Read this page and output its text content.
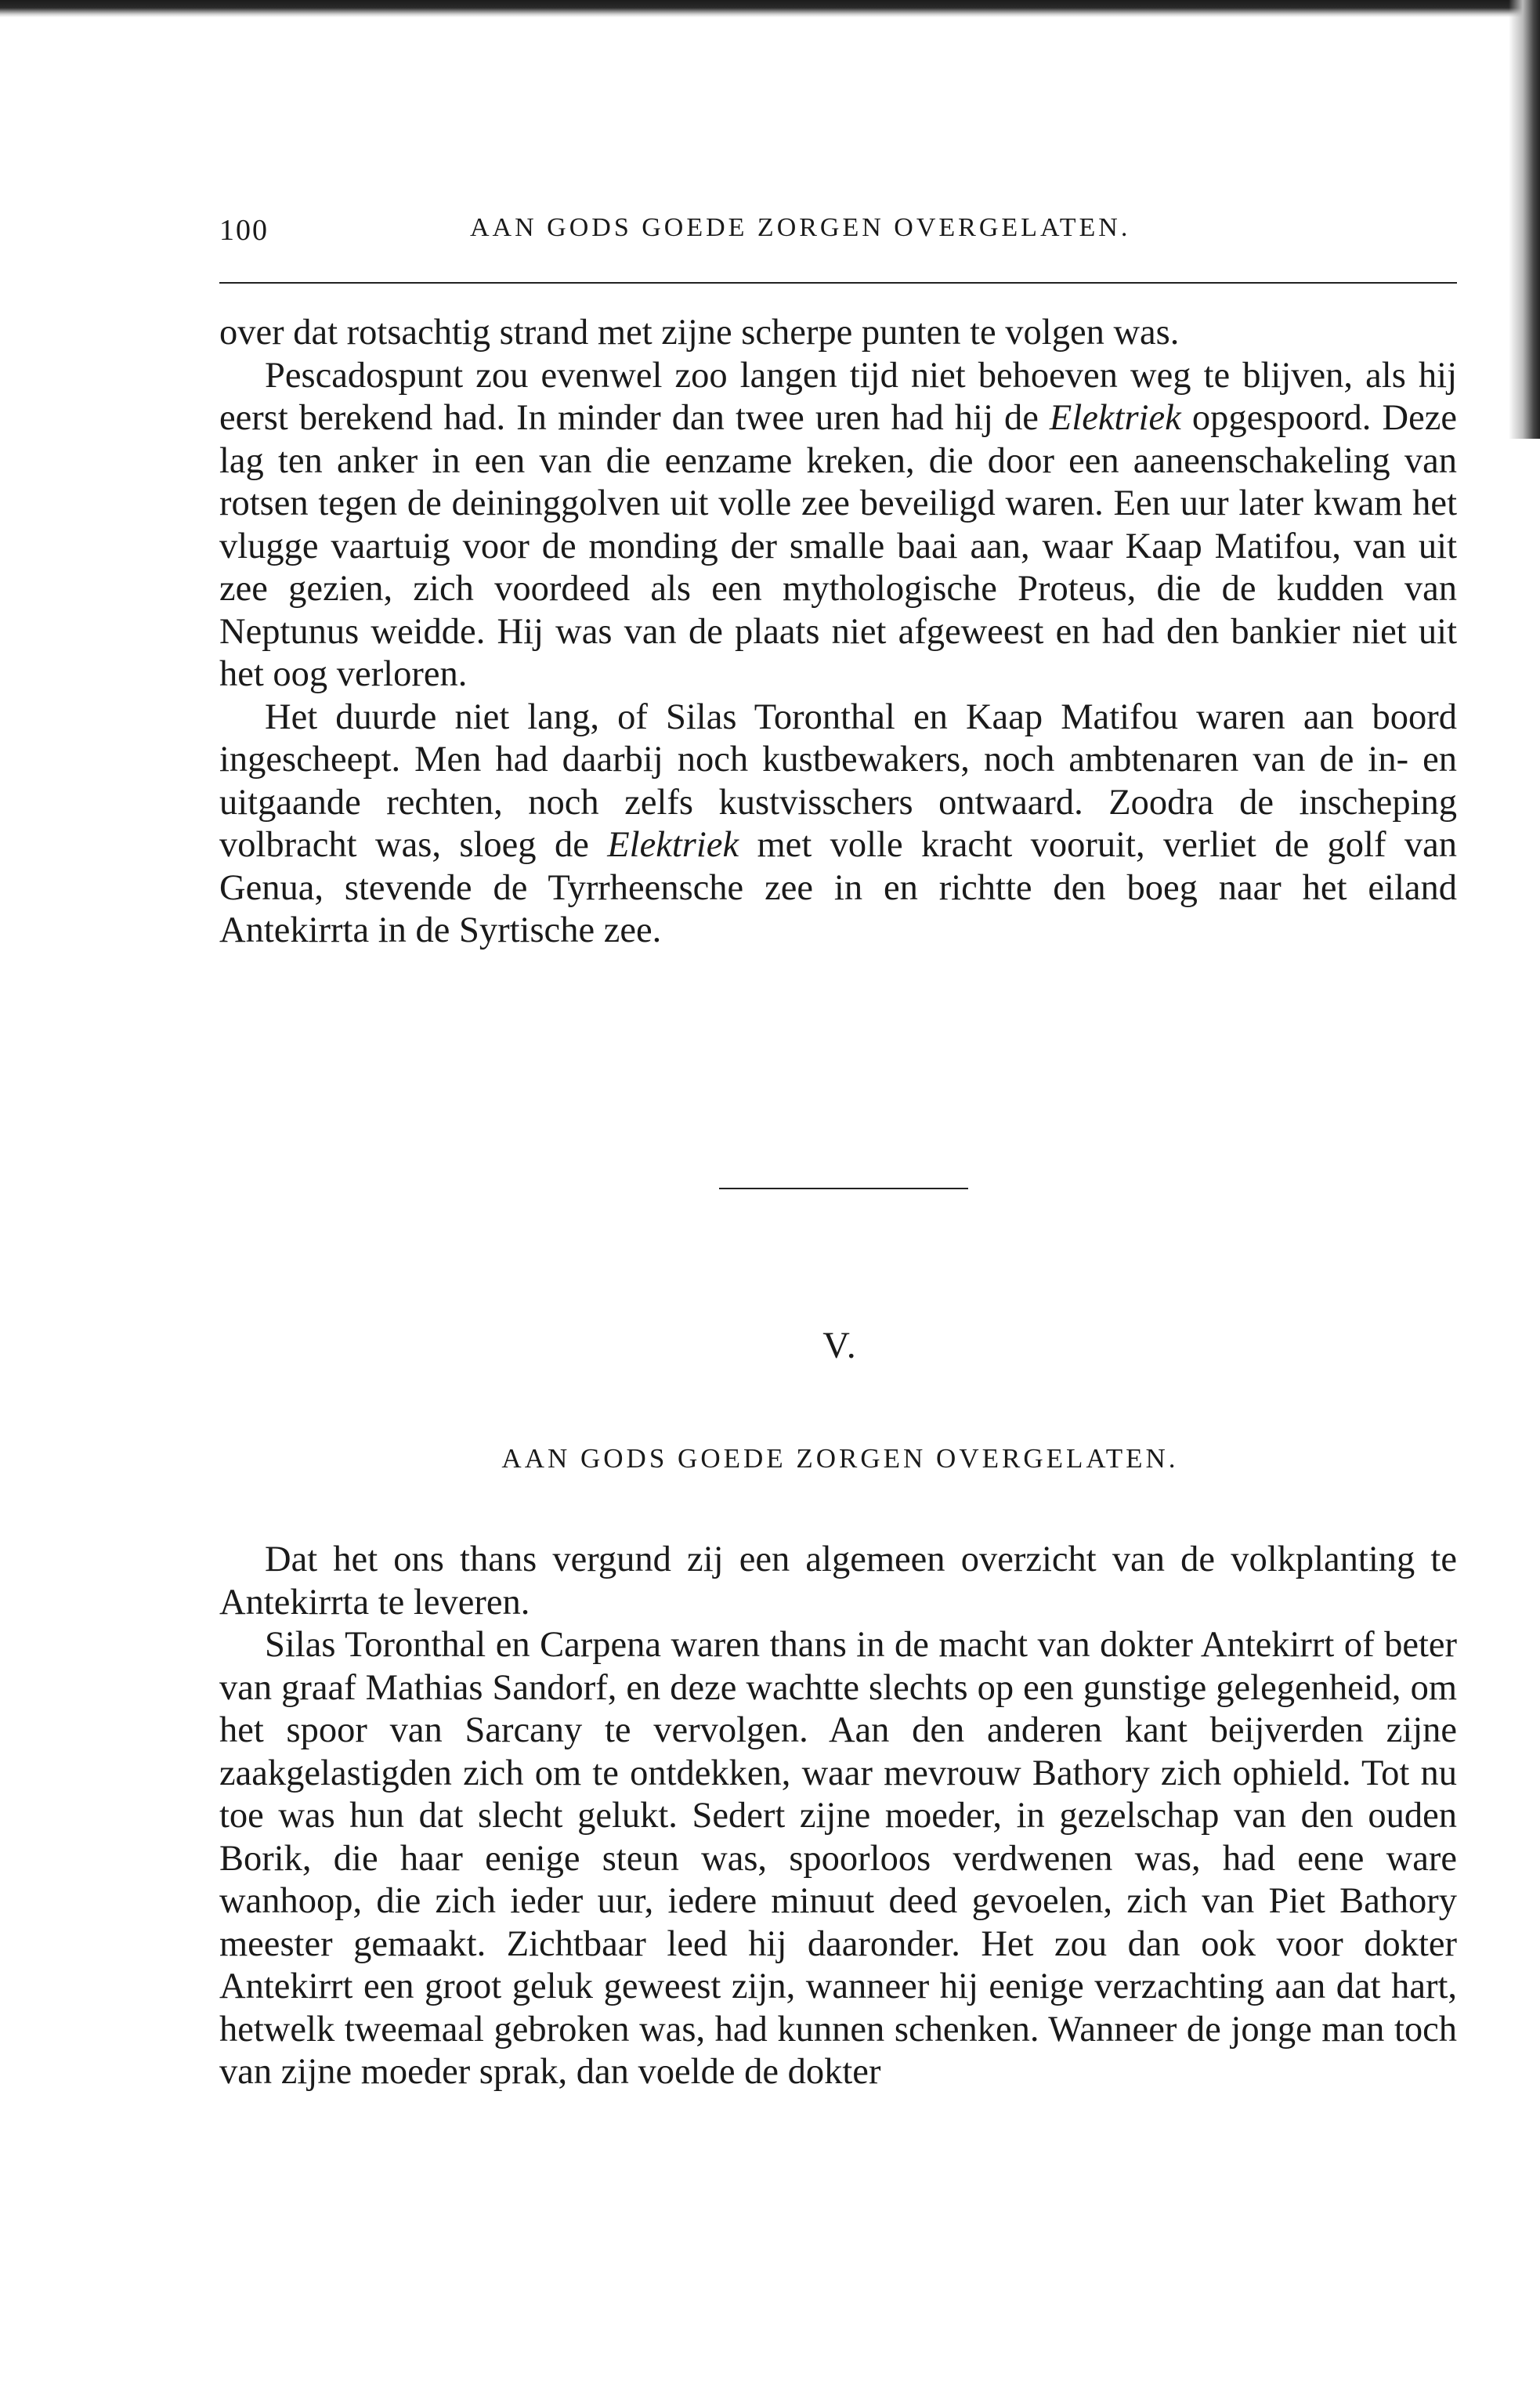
100	AAN GODS GOEDE ZORGEN OVERGELATEN.

over dat rotsachtig strand met zijne scherpe punten te volgen was.

Pescadospunt zou evenwel zoo langen tijd niet behoeven weg te blijven, als hij eerst berekend had. In minder dan twee uren had hij de Elektriek opgespoord. Deze lag ten anker in een van die eenzame kreken, die door een aaneenschakeling van rotsen tegen de deininggolven uit volle zee beveiligd waren. Een uur later kwam het vlugge vaartuig voor de monding der smalle baai aan, waar Kaap Matifou, van uit zee gezien, zich voordeed als een mythologische Proteus, die de kudden van Neptunus weidde. Hij was van de plaats niet afgeweest en had den bankier niet uit het oog verloren.

Het duurde niet lang, of Silas Toronthal en Kaap Matifou waren aan boord ingescheept. Men had daarbij noch kustbewakers, noch ambtenaren van de in- en uitgaande rechten, noch zelfs kustvisschers ontwaard. Zoodra de inscheping volbracht was, sloeg de Elektriek met volle kracht vooruit, verliet de golf van Genua, stevende de Tyrrheensche zee in en richtte den boeg naar het eiland Antekirrta in de Syrtische zee.

V.
AAN GODS GOEDE ZORGEN OVERGELATEN.

Dat het ons thans vergund zij een algemeen overzicht van de volkplanting te Antekirrta te leveren.

Silas Toronthal en Carpena waren thans in de macht van dokter Antekirrt of beter van graaf Mathias Sandorf, en deze wachtte slechts op een gunstige gelegenheid, om het spoor van Sarcany te vervolgen. Aan den anderen kant beijverden zijne zaakgelastigden zich om te ontdekken, waar mevrouw Bathory zich ophield. Tot nu toe was hun dat slecht gelukt. Sedert zijne moeder, in gezelschap van den ouden Borik, die haar eenige steun was, spoorloos verdwenen was, had eene ware wanhoop, die zich ieder uur, iedere minuut deed gevoelen, zich van Piet Bathory meester gemaakt. Zichtbaar leed hij daaronder. Het zou dan ook voor dokter Antekirrt een groot geluk geweest zijn, wanneer hij eenige verzachting aan dat hart, hetwelk tweemaal gebroken was, had kunnen schenken. Wanneer de jonge man toch van zijne moeder sprak, dan voelde de dokter
